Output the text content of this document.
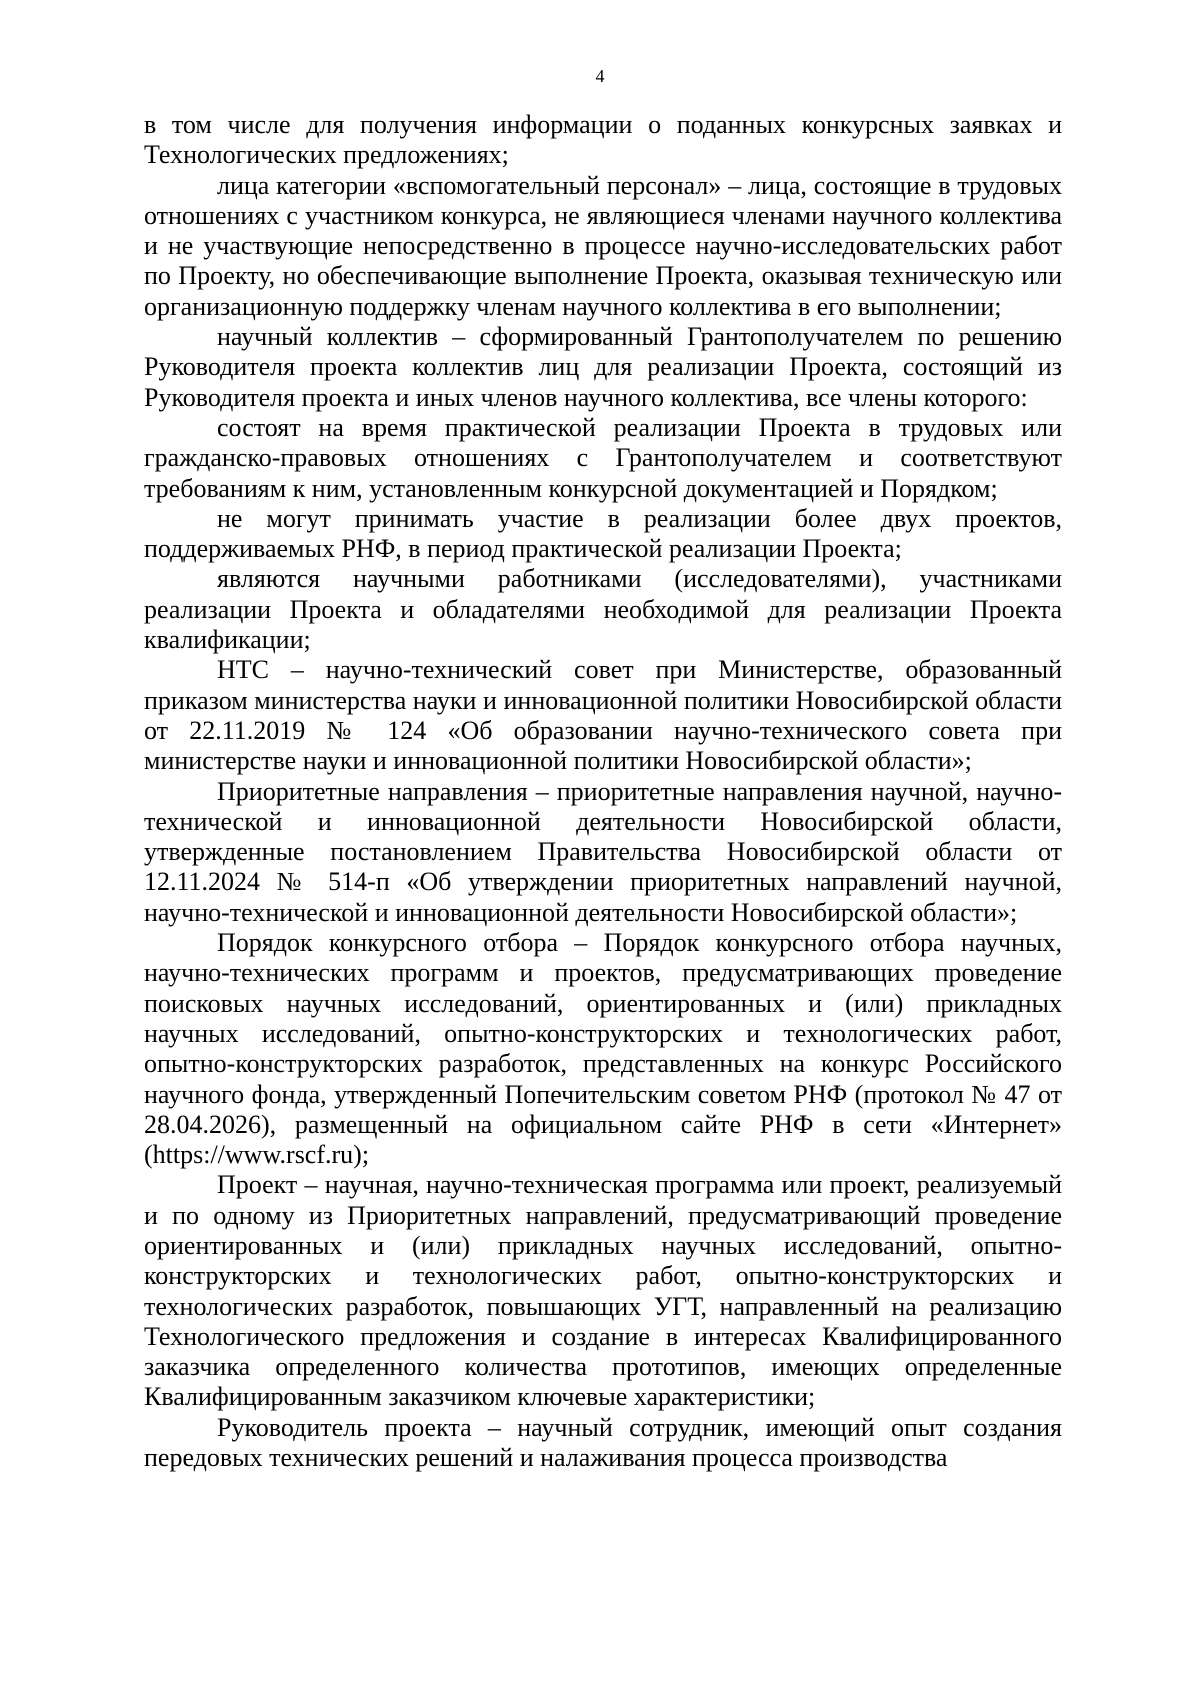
4

в том числе для получения информации о поданных конкурсных заявках и Технологических предложениях;

лица категории «вспомогательный персонал» – лица, состоящие в трудовых отношениях с участником конкурса, не являющиеся членами научного коллектива и не участвующие непосредственно в процессе научно-исследовательских работ по Проекту, но обеспечивающие выполнение Проекта, оказывая техническую или организационную поддержку членам научного коллектива в его выполнении;

научный коллектив – сформированный Грантополучателем по решению Руководителя проекта коллектив лиц для реализации Проекта, состоящий из Руководителя проекта и иных членов научного коллектива, все члены которого:

состоят на время практической реализации Проекта в трудовых или гражданско-правовых отношениях с Грантополучателем и соответствуют требованиям к ним, установленным конкурсной документацией и Порядком;

не могут принимать участие в реализации более двух проектов, поддерживаемых РНФ, в период практической реализации Проекта;

являются научными работниками (исследователями), участниками реализации Проекта и обладателями необходимой для реализации Проекта квалификации;

НТС – научно-технический совет при Министерстве, образованный приказом министерства науки и инновационной политики Новосибирской области от 22.11.2019 № 124 «Об образовании научно-технического совета при министерстве науки и инновационной политики Новосибирской области»;

Приоритетные направления – приоритетные направления научной, научно-технической и инновационной деятельности Новосибирской области, утвержденные постановлением Правительства Новосибирской области от 12.11.2024 № 514-п «Об утверждении приоритетных направлений научной, научно-технической и инновационной деятельности Новосибирской области»;

Порядок конкурсного отбора – Порядок конкурсного отбора научных, научно-технических программ и проектов, предусматривающих проведение поисковых научных исследований, ориентированных и (или) прикладных научных исследований, опытно-конструкторских и технологических работ, опытно-конструкторских разработок, представленных на конкурс Российского научного фонда, утвержденный Попечительским советом РНФ (протокол № 47 от 28.04.2026), размещенный на официальном сайте РНФ в сети «Интернет» (https://www.rscf.ru);

Проект – научная, научно-техническая программа или проект, реализуемый и по одному из Приоритетных направлений, предусматривающий проведение ориентированных и (или) прикладных научных исследований, опытно-конструкторских и технологических работ, опытно-конструкторских и технологических разработок, повышающих УГТ, направленный на реализацию Технологического предложения и создание в интересах Квалифицированного заказчика определенного количества прототипов, имеющих определенные Квалифицированным заказчиком ключевые характеристики;

Руководитель проекта – научный сотрудник, имеющий опыт создания передовых технических решений и налаживания процесса производства
